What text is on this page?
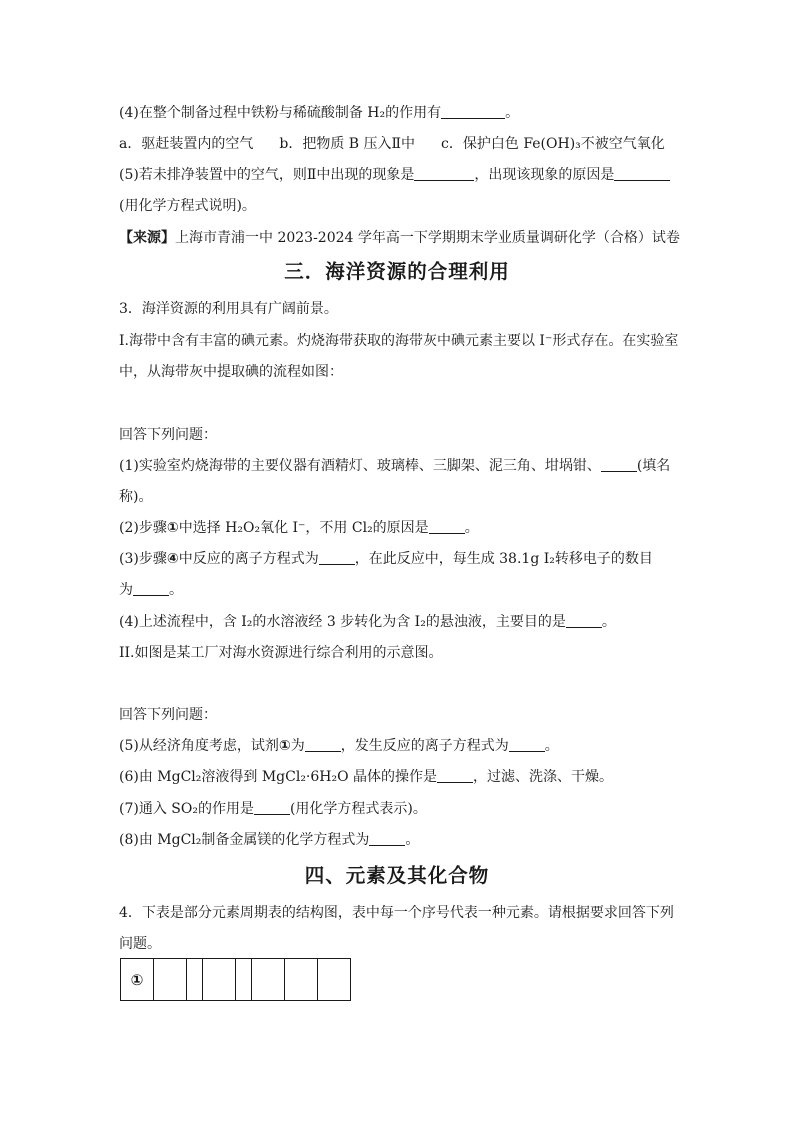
(4)在整个制备过程中铁粉与稀硫酸制备 H₂的作用有	。
a．驱赶装置内的空气 b．把物质 B 压入Ⅱ中 c．保护白色 Fe(OH)₃不被空气氧化
(5)若未排净装置中的空气，则Ⅱ中出现的现象是	，出现该现象的原因是
(用化学方程式说明)。
【来源】上海市青浦一中 2023-2024 学年高一下学期期末学业质量调研化学（合格）试卷
三．海洋资源的合理利用
3．海洋资源的利用具有广阔前景。
I.海带中含有丰富的碘元素。灼烧海带获取的海带灰中碘元素主要以 I⁻形式存在。在实验室
中，从海带灰中提取碘的流程如图：
回答下列问题：
(1)实验室灼烧海带的主要仪器有酒精灯、玻璃棒、三脚架、泥三角、坩埚钳、	(填名
称)。
(2)步骤①中选择 H₂O₂氧化 I⁻，不用 Cl₂的原因是	。
(3)步骤④中反应的离子方程式为	，在此反应中，每生成 38.1g I₂转移电子的数目
为	。
(4)上述流程中，含 I₂的水溶液经 3 步转化为含 I₂的悬浊液，主要目的是	。
II.如图是某工厂对海水资源进行综合利用的示意图。
回答下列问题：
(5)从经济角度考虑，试剂①为	，发生反应的离子方程式为	。
(6)由 MgCl₂溶液得到 MgCl₂·6H₂O 晶体的操作是	，过滤、洗涤、干燥。
(7)通入 SO₂的作用是	(用化学方程式表示)。
(8)由 MgCl₂制备金属镁的化学方程式为	。
四、元素及其化合物
4．下表是部分元素周期表的结构图，表中每一个序号代表一种元素。请根据要求回答下列
问题。
①							
